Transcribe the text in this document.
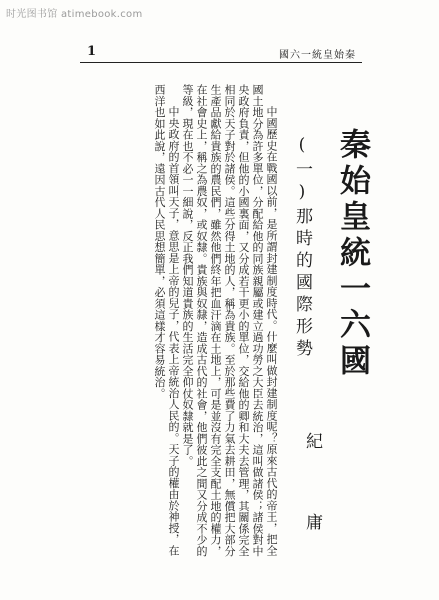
时光图书馆 atimebook.com
1	國六一統皇始秦
秦始皇統一六國
(一)那時的國際形勢
紀 庸

中國歷史在戰國以前，是所謂封建制度時代。什麼叫做封建制度呢？原來古代的帝王，把全國土地分為許多單位，分配給他的同族親屬或建立過功勞之大臣去統治，這叫做諸侯；諸侯對中央政府負責，但他的小國裏面，又分成若干更小的單位，交給他的卿和大夫去管理，其關係完全相同於天子對於諸侯。這些分得土地的人，稱為貴族。至於那些費了力氣去耕田，無償把大部分生產品獻給貴族的農民們，雖然他們終年把血汗滴在土地上，可是並沒有完全支配土地的權力，在社會史上，稱之為農奴，或奴隸。貴族與奴隸，造成古代的社會，他們彼此之間又分成不少的等級，現在也不必一一細說，反正我們知道貴族的生活完全仰仗奴隸就是了。

中央政府的首領叫天子，意思是上帝的兒子，代表上帝統治人民的。天子的權由於神授，在西洋也如此說，遠因古代人民思想簡單，必須這樣才容易統治。
